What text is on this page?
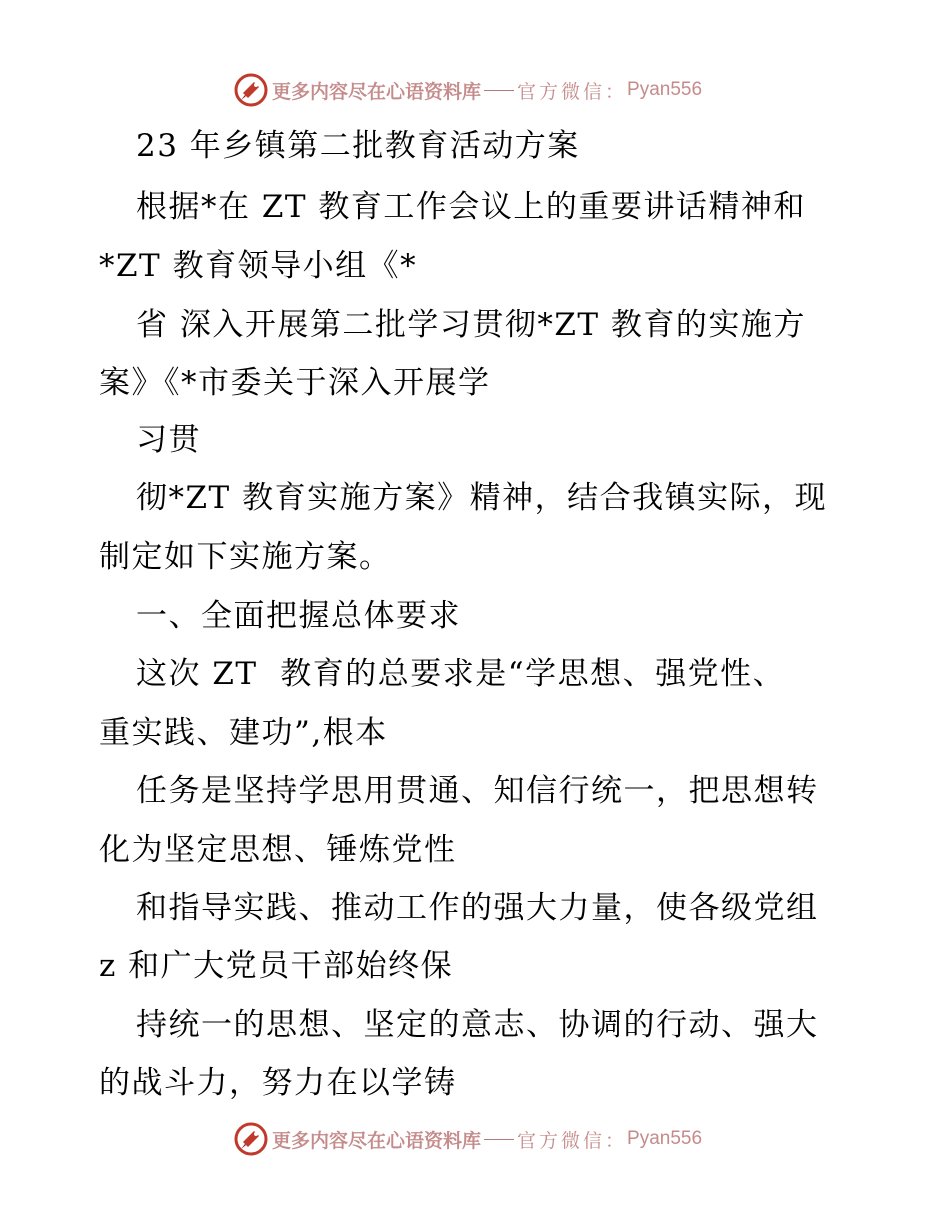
更多内容尽在心语资料库 官方微信： Pyan556
23 年乡镇第二批教育活动方案
根据*在 ZT 教育工作会议上的重要讲话精神和
*ZT 教育领导小组《*
省 深入开展第二批学习贯彻*ZT 教育的实施方
案》《*市委关于深入开展学
习贯
彻*ZT 教育实施方案》精神，结合我镇实际，现
制定如下实施方案。
一、全面把握总体要求
这次 ZT  教育的总要求是“学思想、强党性、
重实践、建功”,根本
任务是坚持学思用贯通、知信行统一，把思想转
化为坚定思想、锤炼党性
和指导实践、推动工作的强大力量，使各级党组
z 和广大党员干部始终保
持统一的思想、坚定的意志、协调的行动、强大
的战斗力，努力在以学铸
更多内容尽在心语资料库 官方微信： Pyan556
